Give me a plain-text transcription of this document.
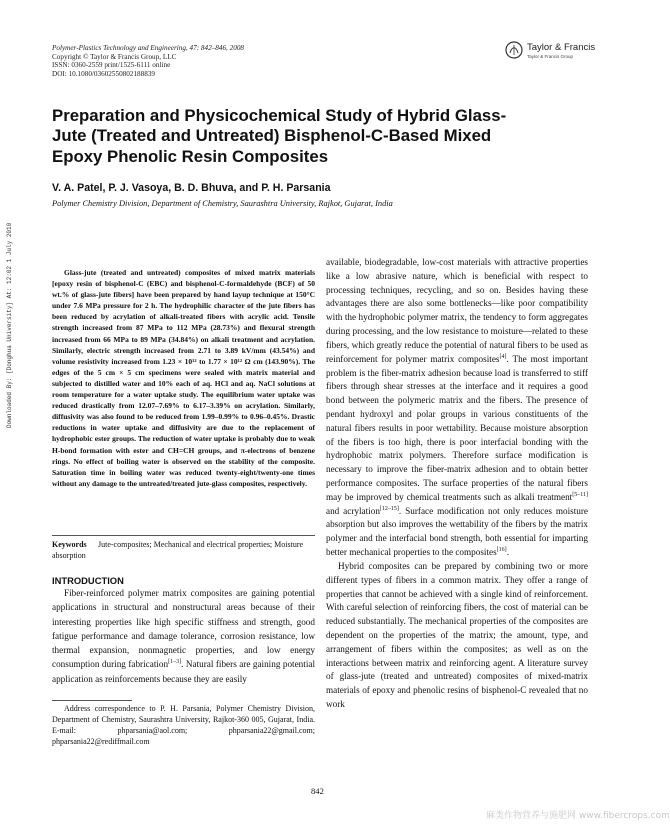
Polymer-Plastics Technology and Engineering, 47: 842–846, 2008
Copyright © Taylor & Francis Group, LLC
ISSN: 0360-2559 print/1525-6111 online
DOI: 10.1080/03602550802188839
Taylor & Francis
Taylor & Francis Group
Preparation and Physicochemical Study of Hybrid Glass-Jute (Treated and Untreated) Bisphenol-C-Based Mixed Epoxy Phenolic Resin Composites
V. A. Patel, P. J. Vasoya, B. D. Bhuva, and P. H. Parsania
Polymer Chemistry Division, Department of Chemistry, Saurashtra University, Rajkot, Gujarat, India
Downloaded By: [Donghua University] At: 12:02 1 July 2010	Glass-jute (treated and untreated) composites of mixed matrix materials [epoxy resin of bisphenol-C (EBC) and bisphenol-C-formaldehyde (BCF) of 50 wt.% of glass-jute fibers] have been prepared by hand layup technique at 150°C under 7.6 MPa pressure for 2 h. The hydrophilic character of the jute fibers has been reduced by acrylation of alkali-treated fibers with acrylic acid. Tensile strength increased from 87 MPa to 112 MPa (28.73%) and flexural strength increased from 66 MPa to 89 MPa (34.84%) on alkali treatment and acrylation. Similarly, electric strength increased from 2.71 to 3.89 kV/mm (43.54%) and volume resistivity increased from 1.23 × 10¹² to 1.77 × 10¹² Ω cm (143.90%). The edges of the 5 cm × 5 cm specimens were sealed with matrix material and subjected to distilled water and 10% each of aq. HCl and aq. NaCl solutions at room temperature for a water uptake study. The equilibrium water uptake was reduced drastically from 12.07–7.69% to 6.17–3.39% on acrylation. Similarly, diffusivity was also found to be reduced from 1.99–0.99% to 0.96–0.45%. Drastic reductions in water uptake and diffusivity are due to the replacement of hydrophobic ester groups. The reduction of water uptake is probably due to weak H-bond formation with ester and CH=CH groups, and π-electrons of benzene rings. No effect of boiling water is observed on the stability of the composite. Saturation time in boiling water was reduced twenty-eight/twenty-one times without any damage to the untreated/treated jute-glass composites, respectively.

Keywords Jute-composites; Mechanical and electrical properties; Moisture absorption
INTRODUCTION

Fiber-reinforced polymer matrix composites are gaining potential applications in structural and nonstructural areas because of their interesting properties like high specific stiffness and strength, good fatigue performance and damage tolerance, corrosion resistance, low thermal expansion, nonmagnetic properties, and low energy consumption during fabrication[1–3]. Natural fibers are gaining potential application as reinforcements because they are easily

Address correspondence to P. H. Parsania, Polymer Chemistry Division, Department of Chemistry, Saurashtra University, Rajkot-360 005, Gujarat, India. E-mail: phparsania@aol.com; phparsania22@gmail.com; phparsania22@rediffmail.com

available, biodegradable, low-cost materials with attractive properties like a low abrasive nature, which is beneficial with respect to processing techniques, recycling, and so on. Besides having these advantages there are also some bottlenecks—like poor compatibility with the hydrophobic polymer matrix, the tendency to form aggregates during processing, and the low resistance to moisture—related to these fibers, which greatly reduce the potential of natural fibers to be used as reinforcement for polymer matrix composites[4]. The most important problem is the fiber-matrix adhesion because load is transferred to stiff fibers through shear stresses at the interface and it requires a good bond between the polymeric matrix and the fibers. The presence of pendant hydroxyl and polar groups in various constituents of the natural fibers results in poor wettability. Because moisture absorption of the fibers is too high, there is poor interfacial bonding with the hydrophobic matrix polymers. Therefore surface modification is necessary to improve the fiber-matrix adhesion and to obtain better performance composites. The surface properties of the natural fibers may be improved by chemical treatments such as alkali treatment[5–11] and acrylation[12–15]. Surface modification not only reduces moisture absorption but also improves the wettability of the fibers by the matrix polymer and the interfacial bond strength, both essential for imparting better mechanical properties to the composites[16].

Hybrid composites can be prepared by combining two or more different types of fibers in a common matrix. They offer a range of properties that cannot be achieved with a single kind of reinforcement. With careful selection of reinforcing fibers, the cost of material can be reduced substantially. The mechanical properties of the composites are dependent on the properties of the matrix; the amount, type, and arrangement of fibers within the composites; as well as on the interactions between matrix and reinforcing agent. A literature survey of glass-jute (treated and untreated) composites of mixed-matrix materials of epoxy and phenolic resins of bisphenol-C revealed that no work

842
麻类作物营养与施肥网 www.fibercrops.com
